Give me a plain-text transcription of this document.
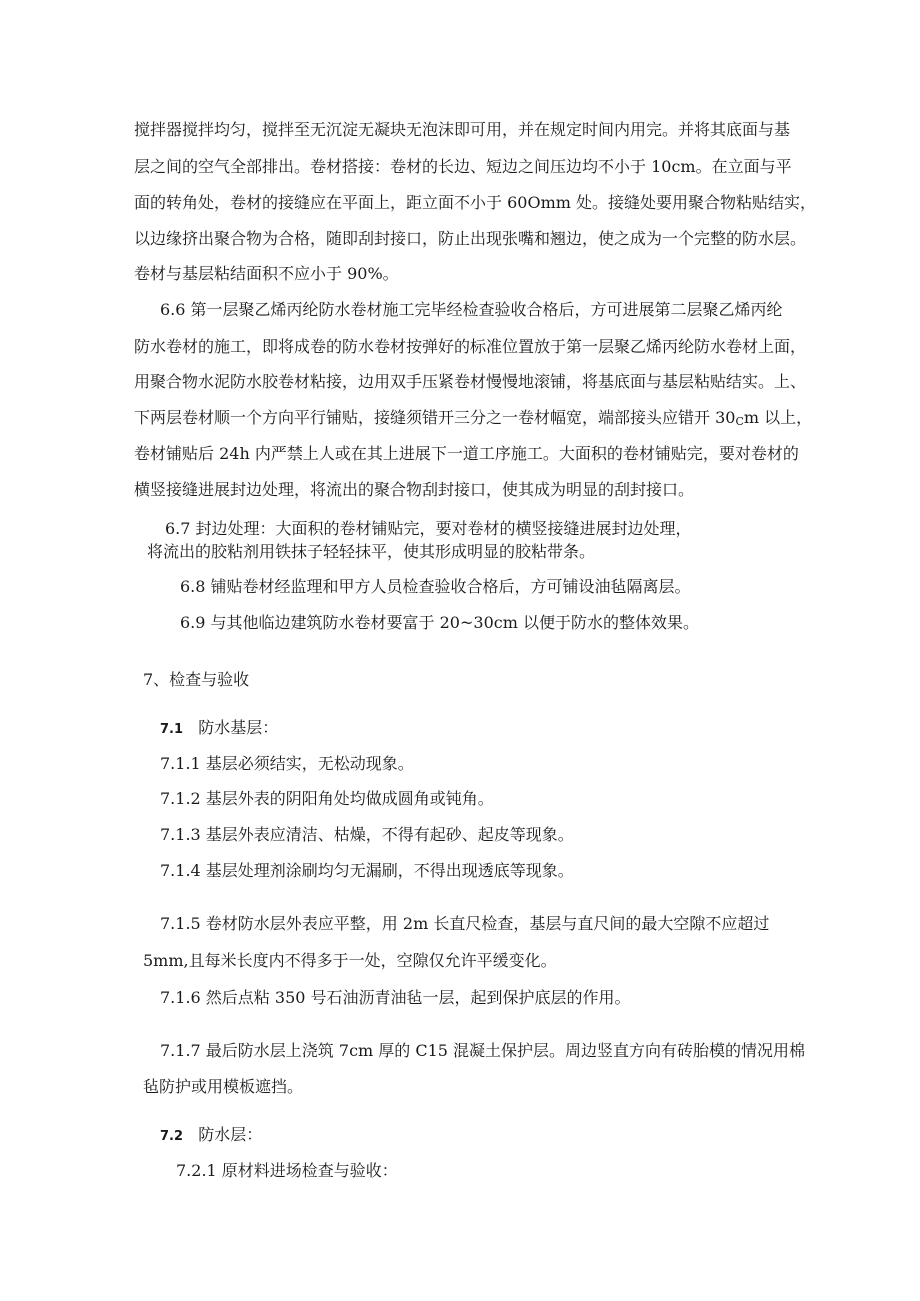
搅拌器搅拌均匀，搅拌至无沉淀无凝块无泡沫即可用，并在规定时间内用完。并将其底面与基
层之间的空气全部排出。卷材搭接：卷材的长边、短边之间压边均不小于 10cm。在立面与平
面的转角处，卷材的接缝应在平面上，距立面不小于 60Omm 处。接缝处要用聚合物粘贴结实，
以边缘挤出聚合物为合格，随即刮封接口，防止出现张嘴和翘边，使之成为一个完整的防水层。
卷材与基层粘结面积不应小于 90%。
6.6 第一层聚乙烯丙纶防水卷材施工完毕经检查验收合格后，方可进展第二层聚乙烯丙纶
防水卷材的施工，即将成卷的防水卷材按弹好的标准位置放于第一层聚乙烯丙纶防水卷材上面，
用聚合物水泥防水胶卷材粘接，边用双手压紧卷材慢慢地滚铺，将基底面与基层粘贴结实。上、
下两层卷材顺一个方向平行铺贴，接缝须错开三分之一卷材幅宽，端部接头应错开 30Cm 以上，
卷材铺贴后 24h 内严禁上人或在其上进展下一道工序施工。大面积的卷材铺贴完，要对卷材的
横竖接缝进展封边处理，将流出的聚合物刮封接口，使其成为明显的刮封接口。
6.7 封边处理：大面积的卷材铺贴完，要对卷材的横竖接缝进展封边处理，
将流出的胶粘剂用铁抹子轻轻抹平，使其形成明显的胶粘带条。
6.8 铺贴卷材经监理和甲方人员检查验收合格后，方可铺设油毡隔离层。
6.9 与其他临边建筑防水卷材要富于 20~30cm 以便于防水的整体效果。
7、检查与验收
7.1 防水基层：
7.1.1 基层必须结实，无松动现象。
7.1.2 基层外表的阴阳角处均做成圆角或钝角。
7.1.3 基层外表应清洁、枯燥，不得有起砂、起皮等现象。
7.1.4 基层处理剂涂刷均匀无漏刷，不得出现透底等现象。
7.1.5 卷材防水层外表应平整，用 2m 长直尺检查，基层与直尺间的最大空隙不应超过
5mm,且每米长度内不得多于一处，空隙仅允许平缓变化。
7.1.6 然后点粘 350 号石油沥青油毡一层，起到保护底层的作用。
7.1.7 最后防水层上浇筑 7cm 厚的 C15 混凝土保护层。周边竖直方向有砖胎模的情况用棉
毡防护或用模板遮挡。
7.2 防水层：
7.2.1 原材料进场检查与验收：
